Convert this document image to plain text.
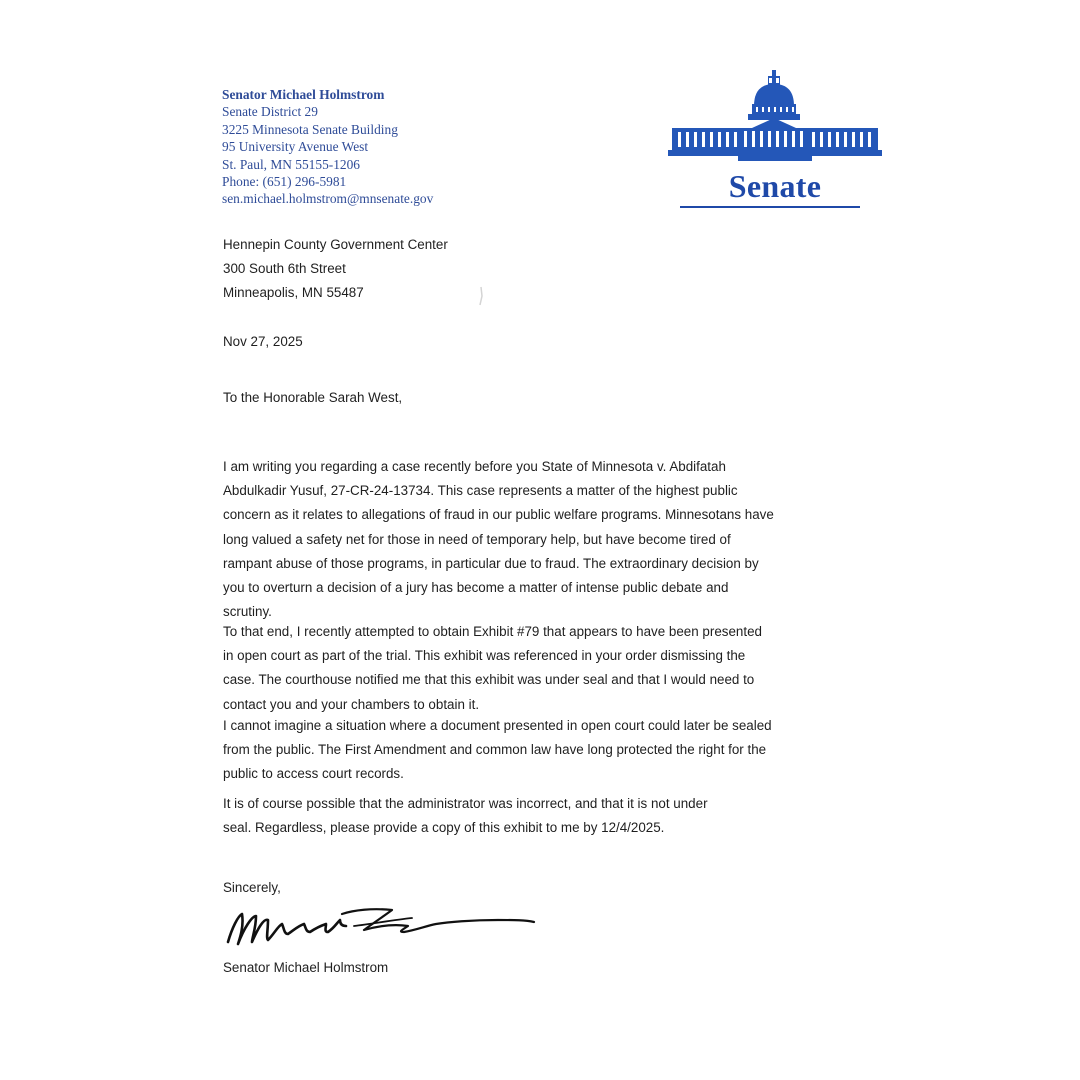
Senator Michael Holmstrom
Senate District 29
3225 Minnesota Senate Building
95 University Avenue West
St. Paul, MN 55155-1206
Phone: (651) 296-5981
sen.michael.holmstrom@mnsenate.gov	Senate
Hennepin County Government Center
300 South 6th Street
Minneapolis, MN 55487
Nov 27, 2025
To the Honorable Sarah West,
I am writing you regarding a case recently before you State of Minnesota v. Abdifatah
Abdulkadir Yusuf, 27-CR-24-13734. This case represents a matter of the highest public
concern as it relates to allegations of fraud in our public welfare programs. Minnesotans have
long valued a safety net for those in need of temporary help, but have become tired of
rampant abuse of those programs, in particular due to fraud. The extraordinary decision by
you to overturn a decision of a jury has become a matter of intense public debate and
scrutiny.
To that end, I recently attempted to obtain Exhibit #79 that appears to have been presented
in open court as part of the trial. This exhibit was referenced in your order dismissing the
case. The courthouse notified me that this exhibit was under seal and that I would need to
contact you and your chambers to obtain it.
I cannot imagine a situation where a document presented in open court could later be sealed
from the public. The First Amendment and common law have long protected the right for the
public to access court records.
It is of course possible that the administrator was incorrect, and that it is not under
seal. Regardless, please provide a copy of this exhibit to me by 12/4/2025.
Sincerely,
Senator Michael Holmstrom
